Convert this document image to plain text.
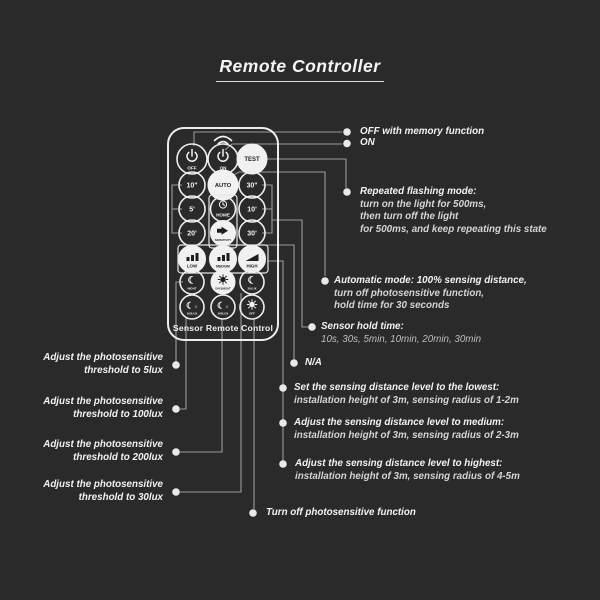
Remote Controller
OFF	ON
TEST
10"	AUTO 30"
5'
HOME
10'
20'
SENSITIVITY
30'
LOW	MEDIUM	HIGH
☾
NIGHT	DAY&NIGHT
☾
30LUX
☾ ☼
100LUX
☾ ☼
200LUX	OFF
Sensor Remote Control
OFF with memory function
ON
Repeated flashing mode:
turn on the light for 500ms,
then turn off the light
for 500ms, and keep repeating this state
Automatic mode: 100% sensing distance,
turn off photosensitive function,
hold time for 30 seconds
Sensor hold time:
10s, 30s, 5min, 10min, 20min, 30min
N/A
Set the sensing distance level to the lowest:
installation height of 3m, sensing radius of 1-2m
Adjust the sensing distance level to medium:
installation height of 3m, sensing radius of 2-3m
Adjust the sensing distance level to highest:
installation height of 3m, sensing radius of 4-5m
Turn off photosensitive function
Adjust the photosensitive
threshold to 5lux
Adjust the photosensitive
threshold to 100lux
Adjust the photosensitive
threshold to 200lux
Adjust the photosensitive
threshold to 30lux
